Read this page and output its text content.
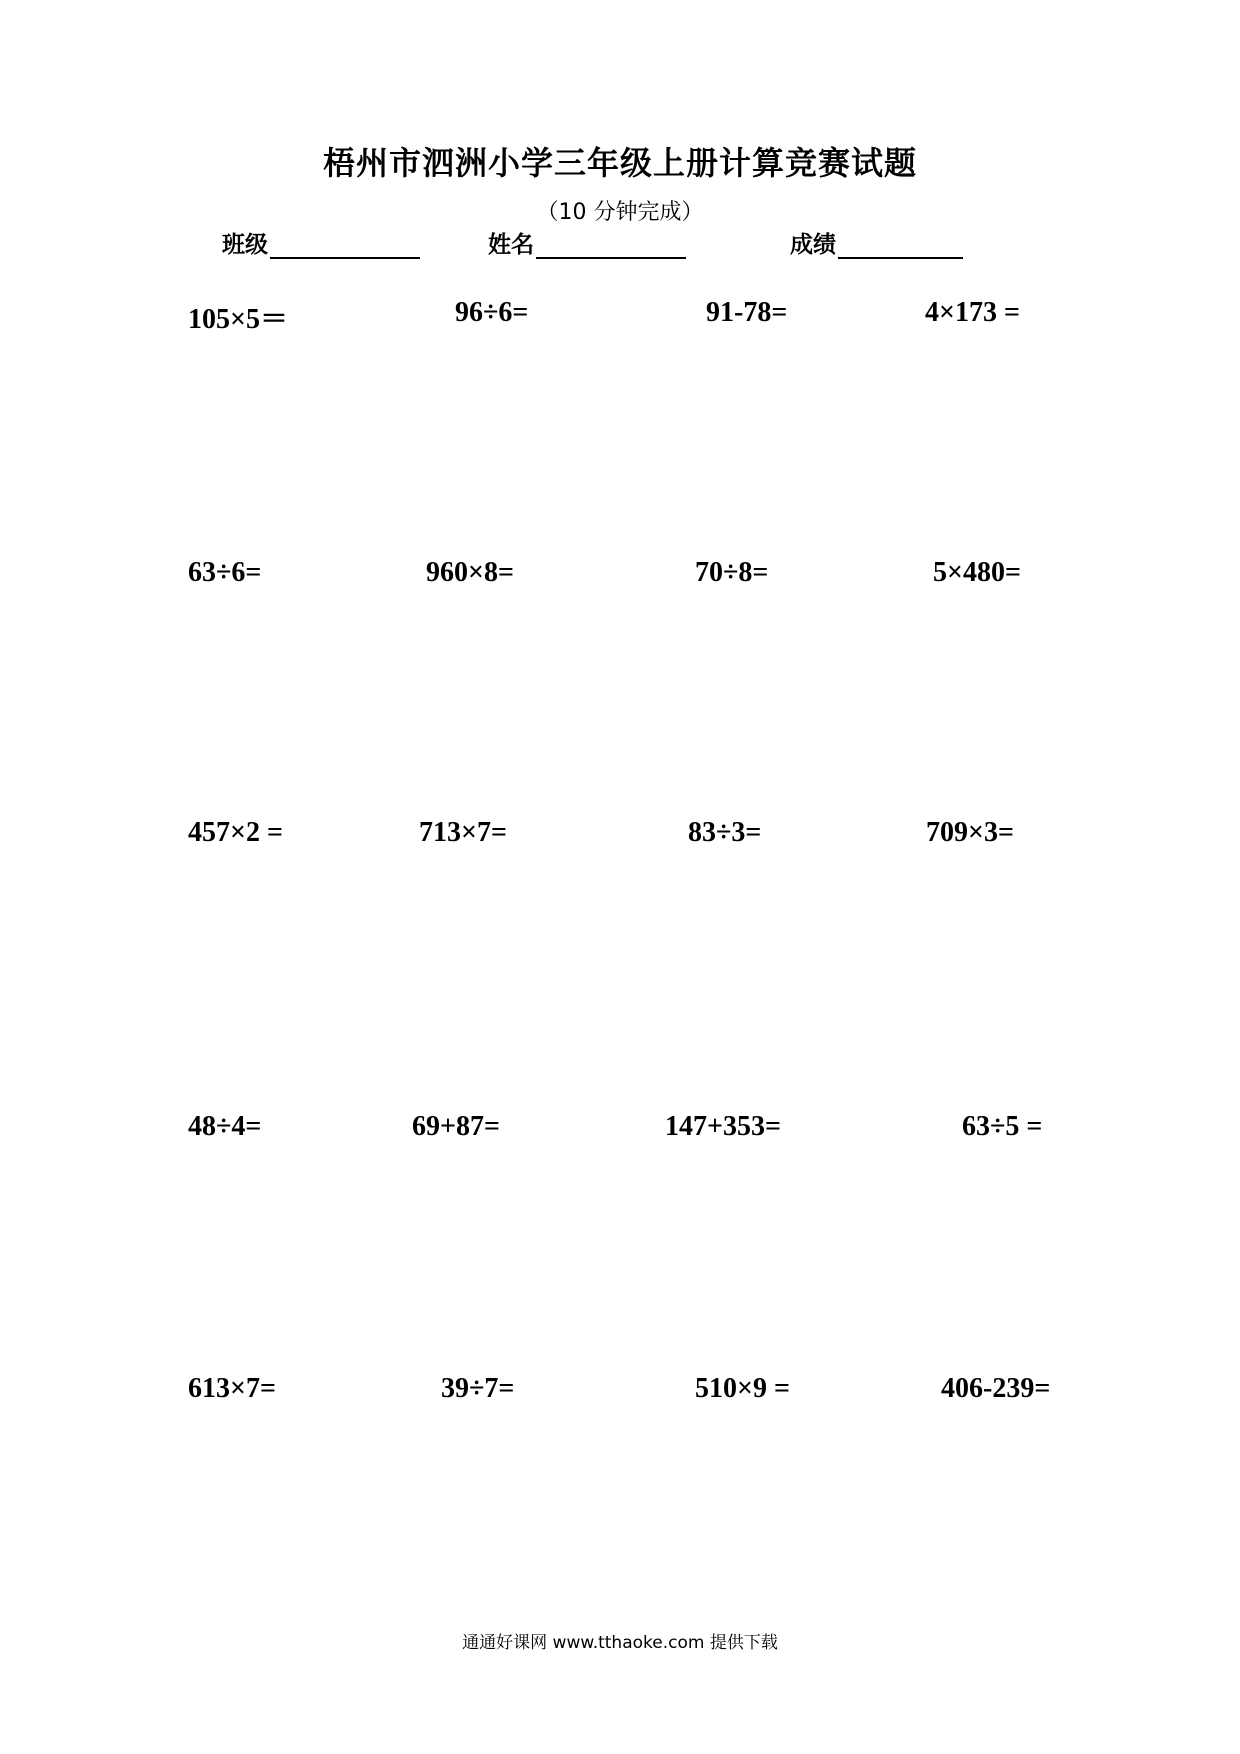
梧州市泗洲小学三年级上册计算竞赛试题
（10 分钟完成）
班级	姓名	成绩
105×5＝	96÷6=	91-78=	4×173 =
63÷6=	960×8=	70÷8=	5×480=
457×2 =	713×7=	83÷3=	709×3=
48÷4=	69+87=	147+353=	63÷5 =
613×7=	39÷7=	510×9 =	406-239=
通通好课网 www.tthaoke.com 提供下载
